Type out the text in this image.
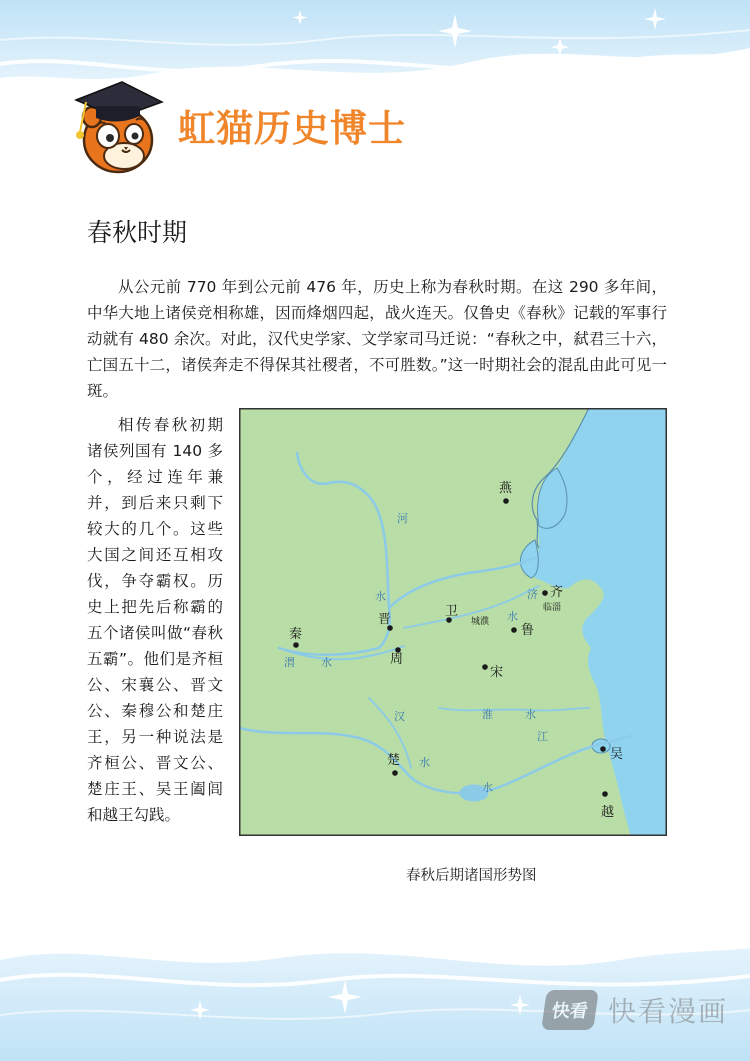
虹猫历史博士
春秋时期

从公元前 770 年到公元前 476 年，历史上称为春秋时期。在这 290 多年间，中华大地上诸侯竞相称雄，因而烽烟四起，战火连天。仅鲁史《春秋》记载的军事行动就有 480 余次。对此，汉代史学家、文学家司马迁说：“春秋之中，弑君三十六，亡国五十二，诸侯奔走不得保其社稷者，不可胜数。”这一时期社会的混乱由此可见一斑。

相传春秋初期诸侯列国有 140 多个，经过连年兼并，到后来只剩下较大的几个。这些大国之间还互相攻伐，争夺霸权。历史上把先后称霸的五个诸侯叫做“春秋五霸”。他们是齐桓公、宋襄公、晋文公、秦穆公和楚庄王，另一种说法是齐桓公、晋文公、楚庄王、吴王阖闾和越王勾践。

河
水	济
水
渭 水
淮	水
汉
水
江
水
燕
齐
卫
晋
秦
周
鲁
宋
楚	吴
越
临淄
城濮
春秋后期诸国形势图
快看 快看漫画
